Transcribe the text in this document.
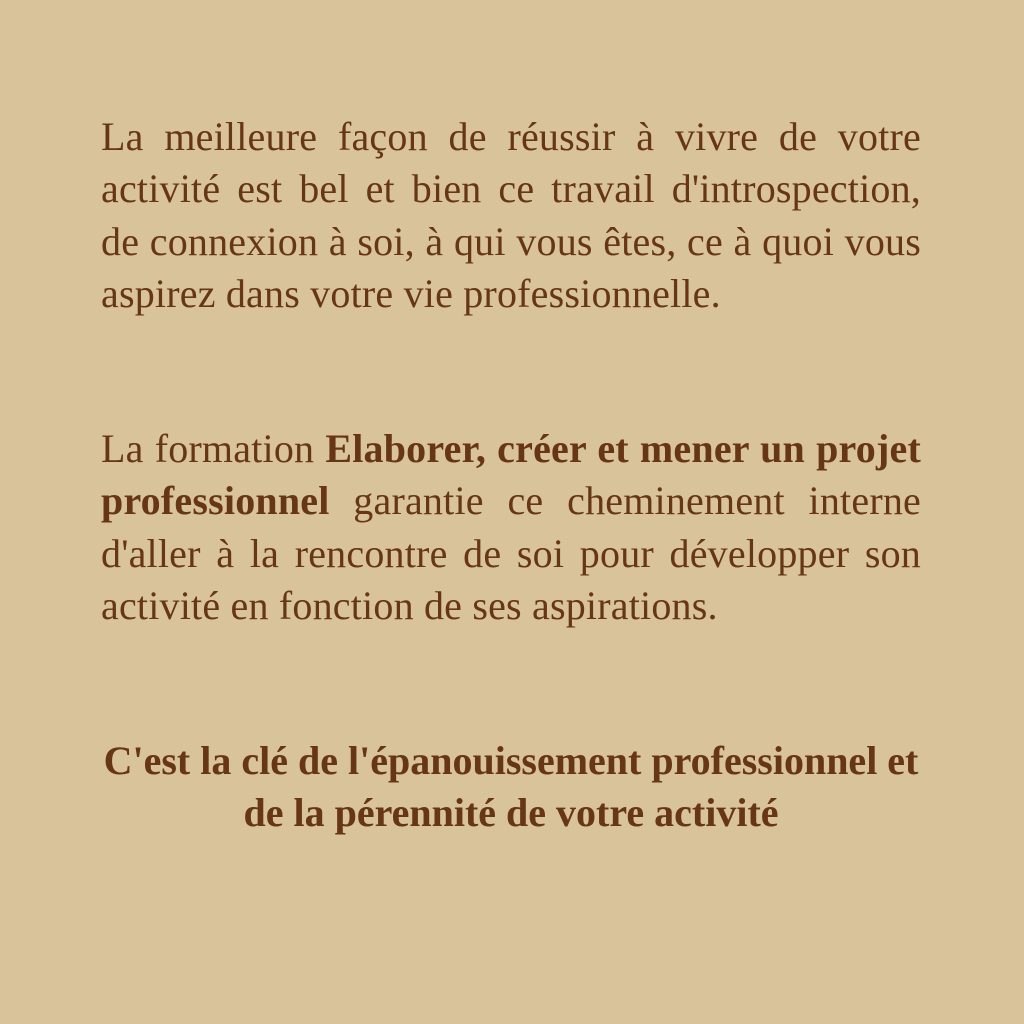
La meilleure façon de réussir à vivre de votre activité est bel et bien ce travail d'introspection, de connexion à soi, à qui vous êtes, ce à quoi vous aspirez dans votre vie professionnelle.

La formation Elaborer, créer et mener un projet professionnel garantie ce cheminement interne d'aller à la rencontre de soi pour développer son activité en fonction de ses aspirations.

C'est la clé de l'épanouissement professionnel et de la pérennité de votre activité
